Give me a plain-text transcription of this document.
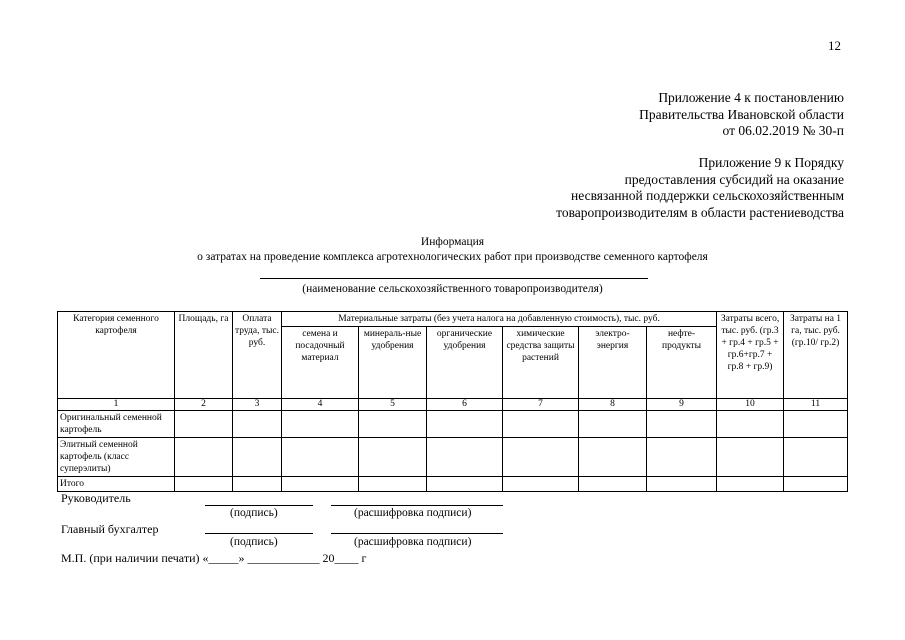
12
Приложение 4 к постановлению
Правительства Ивановской области
от 06.02.2019 № 30-п
Приложение 9 к Порядку
предоставления субсидий на оказание
несвязанной поддержки сельскохозяйственным
товаропроизводителям в области растениеводства
Информация
о затратах на проведение комплекса агротехнологических работ при производстве семенного картофеля
(наименование сельскохозяйственного товаропроизводителя)
Категория семенного картофеля	Площадь, га	Оплата труда, тыс. руб.	Материальные затраты (без учета налога на добавленную стоимость), тыс. руб.						Затраты всего, тыс. руб. (гр.3 + гр.4 + гр.5 + гр.6+гр.7 + гр.8 + гр.9)	Затраты на 1 га, тыс. руб. (гр.10/ гр.2)
			семена и посадочный материал	минераль-ные удобрения	органические удобрения	химические средства защиты растений	электро-энергия	нефте-продукты		
1	2	3	4	5	6	7	8	9	10	11
Оригинальный семенной картофель										
Элитный семенной картофель (класс суперэлиты)										
Итого										
Руководитель
(подпись)	(расшифровка подписи)
Главный бухгалтер
(подпись)	(расшифровка подписи)
М.П. (при наличии печати) «_____» ____________ 20____ г
